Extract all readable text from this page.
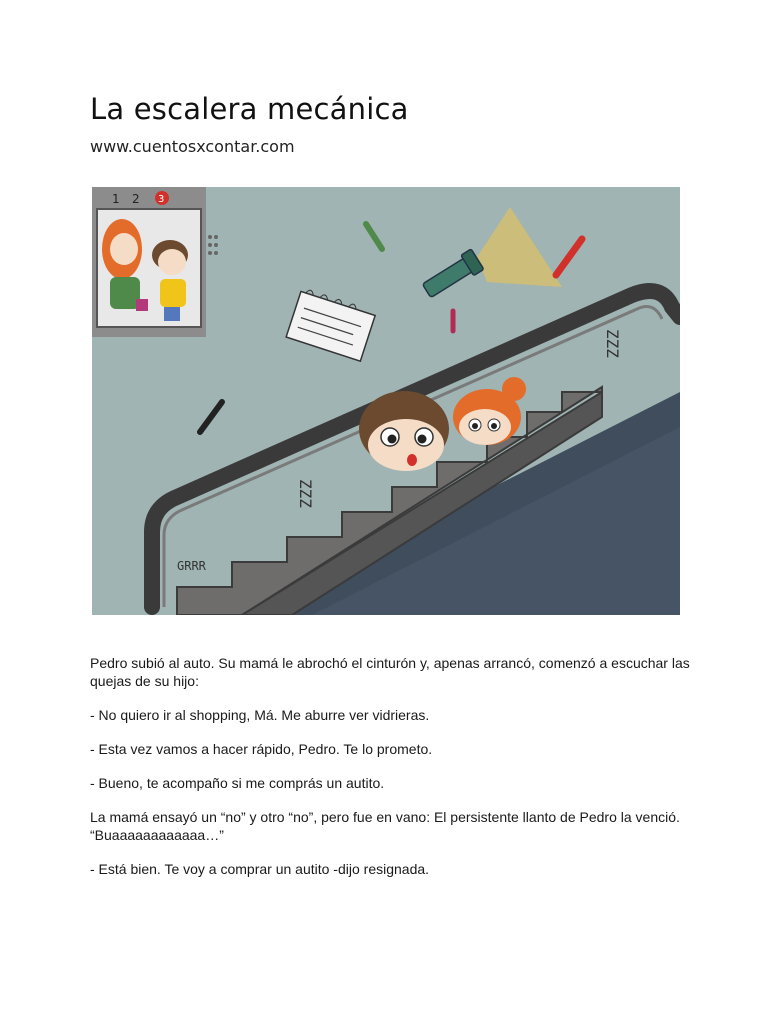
La escalera mecánica

www.cuentosxcontar.com

GRRR
ZZZ
ZZZ
1 2 3

Pedro subió al auto. Su mamá le abrochó el cinturón y, apenas arrancó, comenzó a escuchar las quejas de su hijo:

- No quiero ir al shopping, Má. Me aburre ver vidrieras.

- Esta vez vamos a hacer rápido, Pedro. Te lo prometo.

- Bueno, te acompaño si me comprás un autito.

La mamá ensayó un “no” y otro “no”, pero fue en vano: El persistente llanto de Pedro la venció. “Buaaaaaaaaaaaa…”

- Está bien. Te voy a comprar un autito -dijo resignada.
